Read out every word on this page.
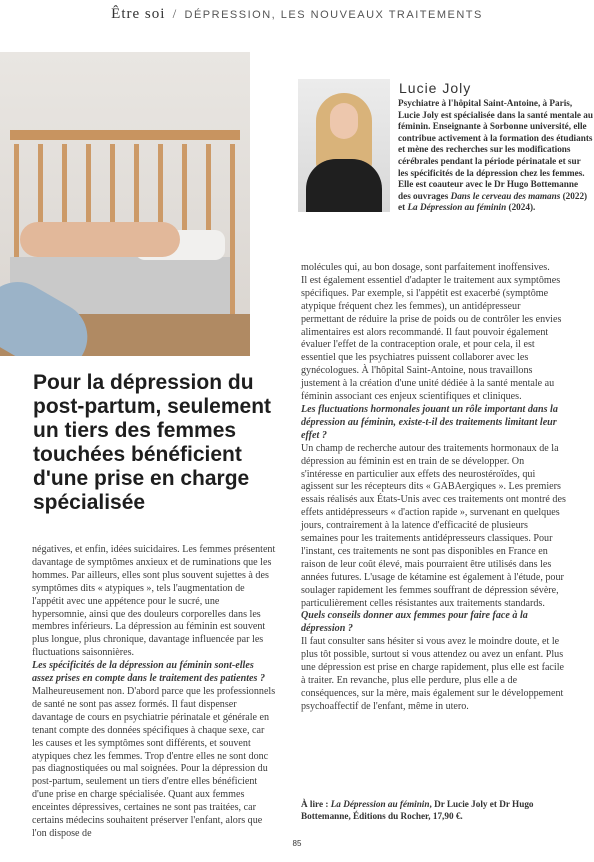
Être soi / DÉPRESSION, LES NOUVEAUX TRAITEMENTS
Lucie Joly
Psychiatre à l'hôpital Saint-Antoine, à Paris, Lucie Joly est spécialisée dans la santé mentale au féminin. Enseignante à Sorbonne université, elle contribue activement à la formation des étudiants et mène des recherches sur les modifications cérébrales pendant la période périnatale et sur les spécificités de la dépression chez les femmes. Elle est coauteur avec le Dr Hugo Bottemanne des ouvrages Dans le cerveau des mamans (2022) et La Dépression au féminin (2024).
Pour la dépression du post-partum, seulement un tiers des femmes touchées bénéficient d'une prise en charge spécialisée

négatives, et enfin, idées suicidaires. Les femmes présentent davantage de symptômes anxieux et de ruminations que les hommes. Par ailleurs, elles sont plus souvent sujettes à des symptômes dits « atypiques », tels l'augmentation de l'appétit avec une appétence pour le sucré, une hypersomnie, ainsi que des douleurs corporelles dans les membres inférieurs. La dépression au féminin est souvent plus longue, plus chronique, davantage influencée par les fluctuations saisonnières.

Les spécificités de la dépression au féminin sont-elles assez prises en compte dans le traitement des patientes ?

Malheureusement non. D'abord parce que les professionnels de santé ne sont pas assez formés. Il faut dispenser davantage de cours en psychiatrie périnatale et générale en tenant compte des données spécifiques à chaque sexe, car les causes et les symptômes sont différents, et souvent atypiques chez les femmes. Trop d'entre elles ne sont donc pas diagnostiquées ou mal soignées. Pour la dépression du post-partum, seulement un tiers d'entre elles bénéficient d'une prise en charge spécialisée. Quant aux femmes enceintes dépressives, certaines ne sont pas traitées, car certains médecins souhaitent préserver l'enfant, alors que l'on dispose de

molécules qui, au bon dosage, sont parfaitement inoffensives.

Il est également essentiel d'adapter le traitement aux symptômes spécifiques. Par exemple, si l'appétit est exacerbé (symptôme atypique fréquent chez les femmes), un antidépresseur permettant de réduire la prise de poids ou de contrôler les envies alimentaires est alors recommandé. Il faut pouvoir également évaluer l'effet de la contraception orale, et pour cela, il est essentiel que les psychiatres puissent collaborer avec les gynécologues. À l'hôpital Saint-Antoine, nous travaillons justement à la création d'une unité dédiée à la santé mentale au féminin associant ces enjeux scientifiques et cliniques.

Les fluctuations hormonales jouant un rôle important dans la dépression au féminin, existe-t-il des traitements limitant leur effet ?

Un champ de recherche autour des traitements hormonaux de la dépression au féminin est en train de se développer. On s'intéresse en particulier aux effets des neurostéroïdes, qui agissent sur les récepteurs dits « GABAergiques ». Les premiers essais réalisés aux États-Unis avec ces traitements ont montré des effets antidépresseurs « d'action rapide », survenant en quelques jours, contrairement à la latence d'efficacité de plusieurs semaines pour les traitements antidépresseurs classiques. Pour l'instant, ces traitements ne sont pas disponibles en France en raison de leur coût élevé, mais pourraient être utilisés dans les années futures. L'usage de kétamine est également à l'étude, pour soulager rapidement les femmes souffrant de dépression sévère, particulièrement celles résistantes aux traitements standards.

Quels conseils donner aux femmes pour faire face à la dépression ?

Il faut consulter sans hésiter si vous avez le moindre doute, et le plus tôt possible, surtout si vous attendez ou avez un enfant. Plus une dépression est prise en charge rapidement, plus elle est facile à traiter. En revanche, plus elle perdure, plus elle a de conséquences, sur la mère, mais également sur le développement psychoaffectif de l'enfant, même in utero.

À lire : La Dépression au féminin, Dr Lucie Joly et Dr Hugo Bottemanne, Éditions du Rocher, 17,90 €.
85
